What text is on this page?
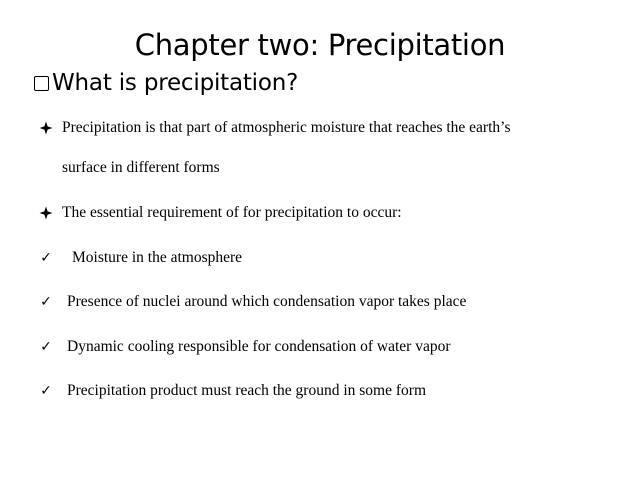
Chapter two: Precipitation
What is precipitation?
Precipitation is that part of atmospheric moisture that reaches the earth’s
surface in different forms
The essential requirement of for precipitation to occur:
✓ Moisture in the atmosphere
✓ Presence of nuclei around which condensation vapor takes place
✓ Dynamic cooling responsible for condensation of water vapor
✓ Precipitation product must reach the ground in some form
